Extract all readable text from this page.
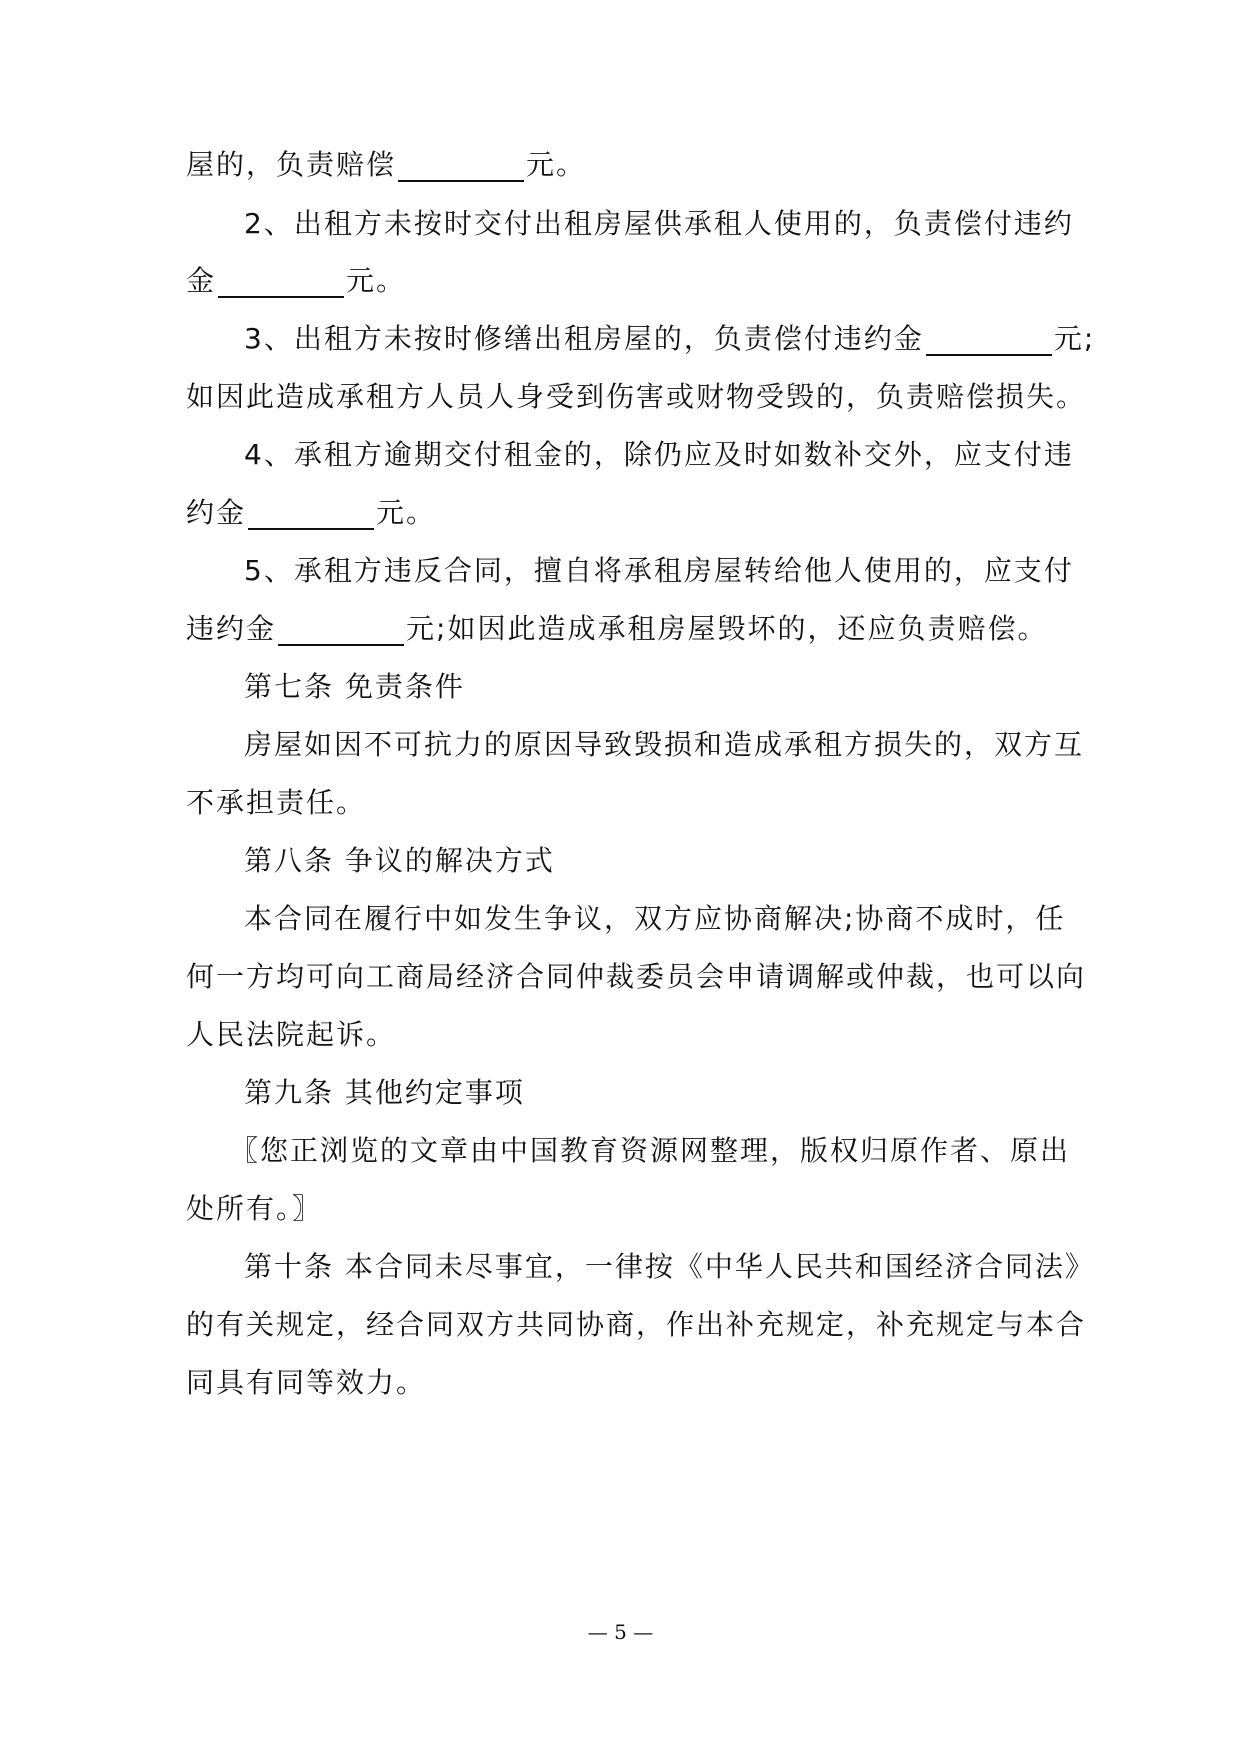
屋的，负责赔偿	元。
2、出租方未按时交付出租房屋供承租人使用的，负责偿付违约
金	元。
3、出租方未按时修缮出租房屋的，负责偿付违约金	元;
如因此造成承租方人员人身受到伤害或财物受毁的，负责赔偿损失。
4、承租方逾期交付租金的，除仍应及时如数补交外，应支付违
约金	元。
5、承租方违反合同，擅自将承租房屋转给他人使用的，应支付
违约金	元;如因此造成承租房屋毁坏的，还应负责赔偿。
第七条 免责条件
房屋如因不可抗力的原因导致毁损和造成承租方损失的，双方互
不承担责任。
第八条 争议的解决方式
本合同在履行中如发生争议，双方应协商解决;协商不成时，任
何一方均可向工商局经济合同仲裁委员会申请调解或仲裁，也可以向
人民法院起诉。
第九条 其他约定事项
〖您正浏览的文章由中国教育资源网整理，版权归原作者、原出
处所有。〗
第十条 本合同未尽事宜，一律按《中华人民共和国经济合同法》
的有关规定，经合同双方共同协商，作出补充规定，补充规定与本合
同具有同等效力。
— 5 —
